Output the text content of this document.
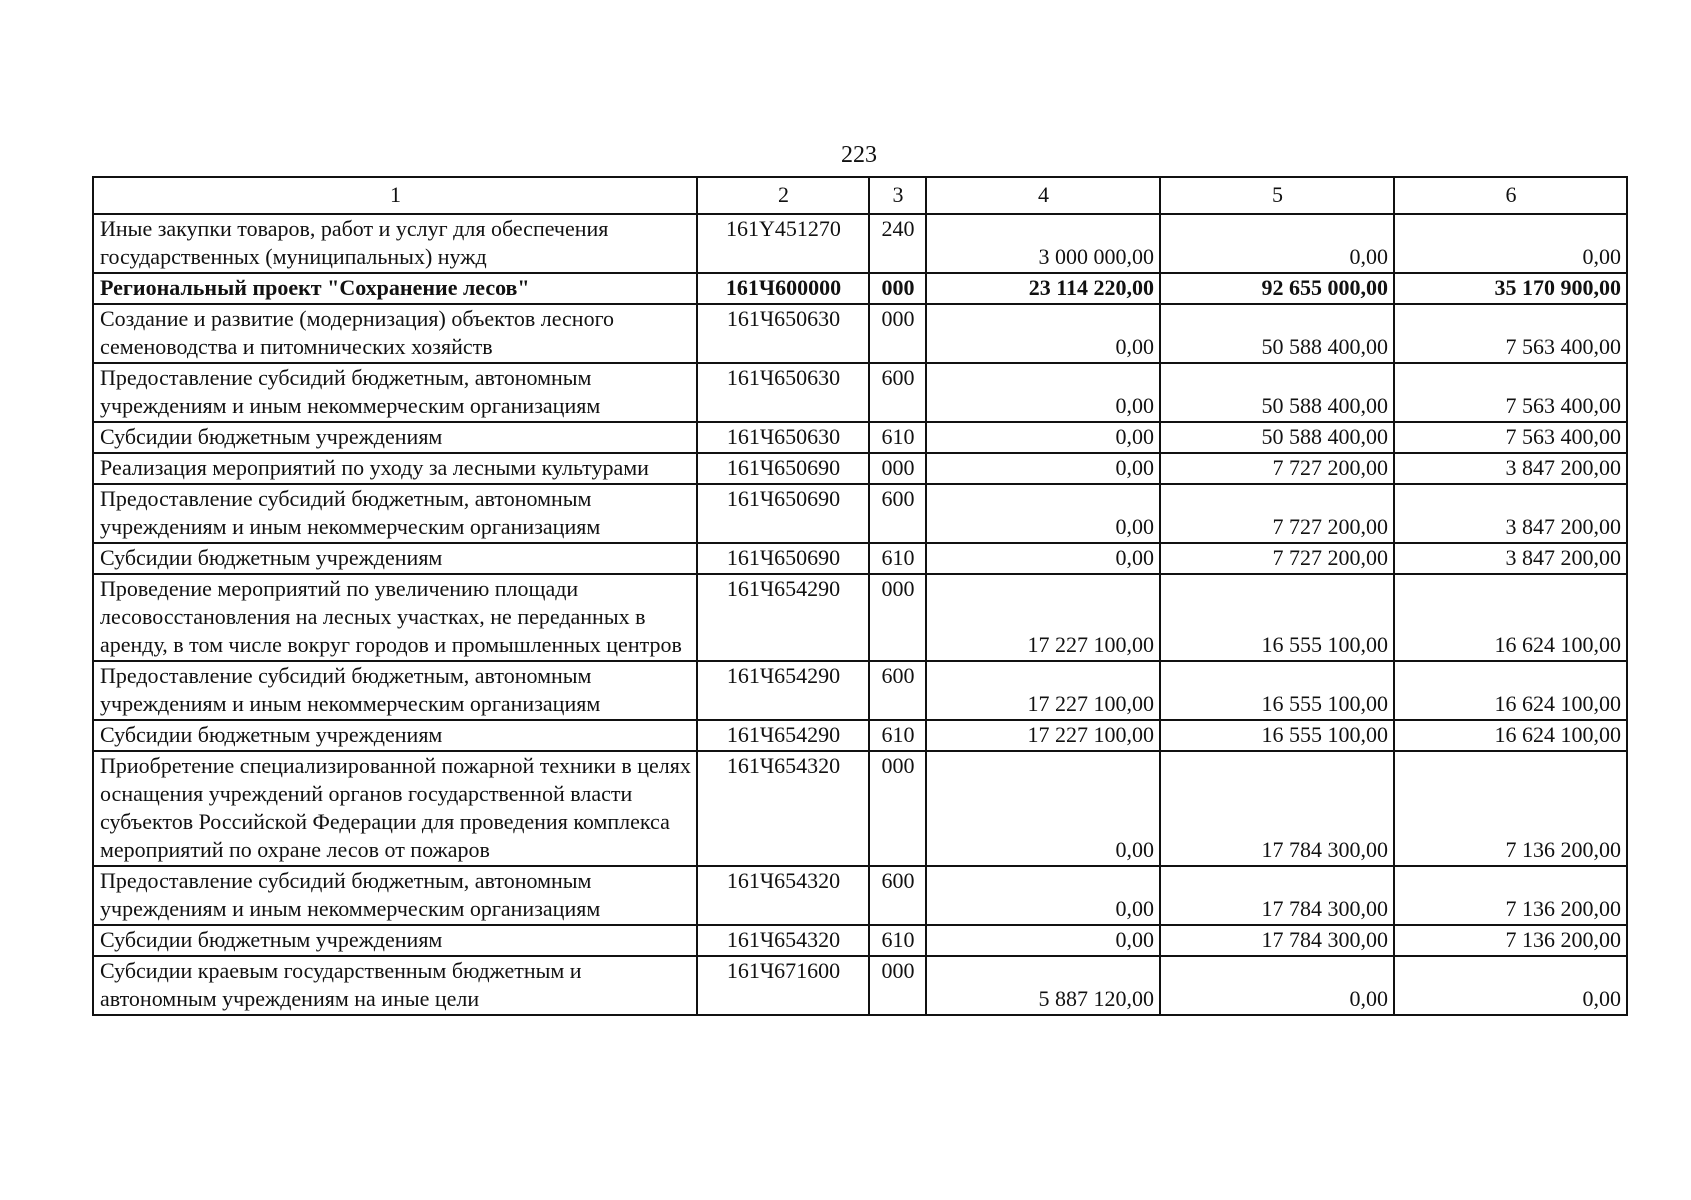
223
1	2	3	4	5	6
Иные закупки товаров, работ и услуг для обеспечения государственных (муниципальных) нужд	161Y451270	240	3 000 000,00	0,00	0,00
Региональный проект "Сохранение лесов"	161Ч600000	000	23 114 220,00	92 655 000,00	35 170 900,00
Создание и развитие (модернизация) объектов лесного семеноводства и питомнических хозяйств	161Ч650630	000	0,00	50 588 400,00	7 563 400,00
Предоставление субсидий бюджетным, автономным учреждениям и иным некоммерческим организациям	161Ч650630	600	0,00	50 588 400,00	7 563 400,00
Субсидии бюджетным учреждениям	161Ч650630	610	0,00	50 588 400,00	7 563 400,00
Реализация мероприятий по уходу за лесными культурами	161Ч650690	000	0,00	7 727 200,00	3 847 200,00
Предоставление субсидий бюджетным, автономным учреждениям и иным некоммерческим организациям	161Ч650690	600	0,00	7 727 200,00	3 847 200,00
Субсидии бюджетным учреждениям	161Ч650690	610	0,00	7 727 200,00	3 847 200,00
Проведение мероприятий по увеличению площади лесовосстановления на лесных участках, не переданных в аренду, в том числе вокруг городов и промышленных центров	161Ч654290	000	17 227 100,00	16 555 100,00	16 624 100,00
Предоставление субсидий бюджетным, автономным учреждениям и иным некоммерческим организациям	161Ч654290	600	17 227 100,00	16 555 100,00	16 624 100,00
Субсидии бюджетным учреждениям	161Ч654290	610	17 227 100,00	16 555 100,00	16 624 100,00
Приобретение специализированной пожарной техники в целях оснащения учреждений органов государственной власти субъектов Российской Федерации для проведения комплекса мероприятий по охране лесов от пожаров	161Ч654320	000	0,00	17 784 300,00	7 136 200,00
Предоставление субсидий бюджетным, автономным учреждениям и иным некоммерческим организациям	161Ч654320	600	0,00	17 784 300,00	7 136 200,00
Субсидии бюджетным учреждениям	161Ч654320	610	0,00	17 784 300,00	7 136 200,00
Субсидии краевым государственным бюджетным и автономным учреждениям на иные цели	161Ч671600	000	5 887 120,00	0,00	0,00
